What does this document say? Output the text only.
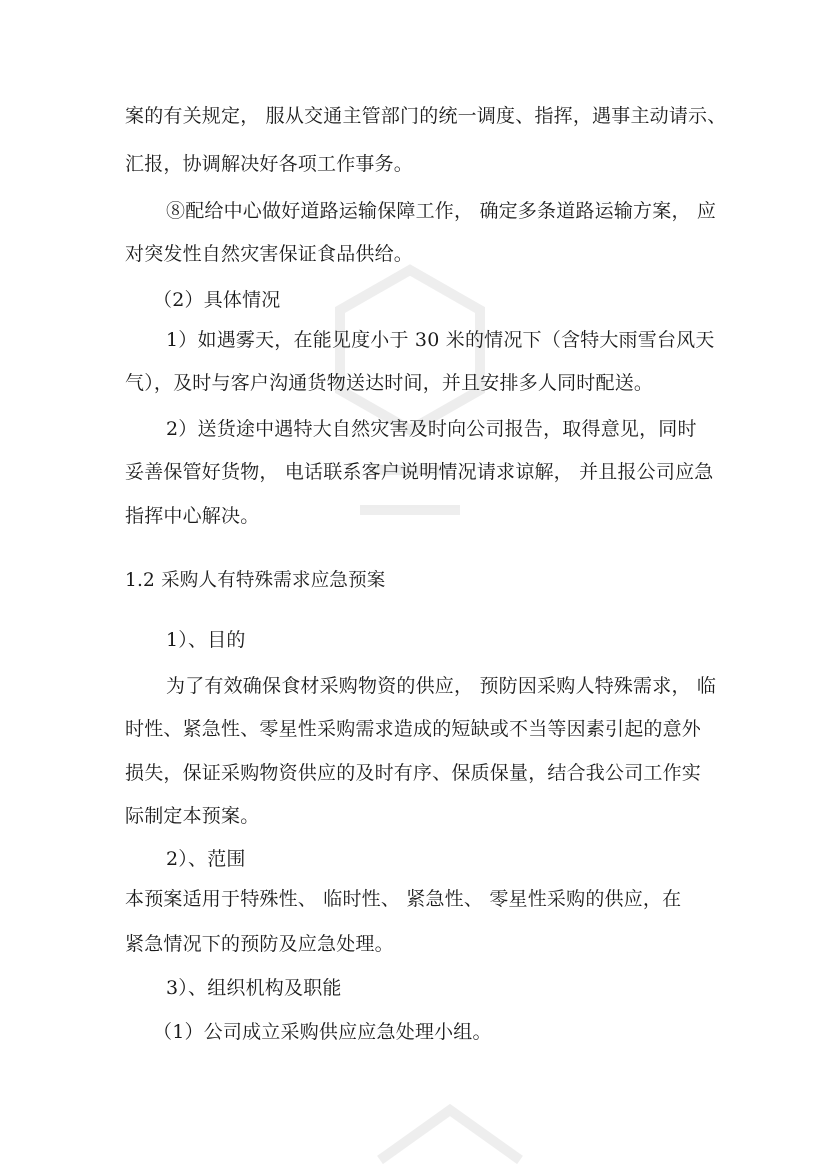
案的有关规定， 服从交通主管部门的统一调度、指挥，遇事主动请示、
汇报，协调解决好各项工作事务。
⑧配给中心做好道路运输保障工作， 确定多条道路运输方案， 应
对突发性自然灾害保证食品供给。
（2）具体情况
1）如遇雾天，在能见度小于 30 米的情况下（含特大雨雪台风天
气），及时与客户沟通货物送达时间，并且安排多人同时配送。
2）送货途中遇特大自然灾害及时向公司报告，取得意见，同时
妥善保管好货物， 电话联系客户说明情况请求谅解， 并且报公司应急
指挥中心解决。
1.2 采购人有特殊需求应急预案
1）、目的
为了有效确保食材采购物资的供应， 预防因采购人特殊需求， 临
时性、紧急性、零星性采购需求造成的短缺或不当等因素引起的意外
损失，保证采购物资供应的及时有序、保质保量，结合我公司工作实
际制定本预案。
2）、范围
本预案适用于特殊性、 临时性、 紧急性、 零星性采购的供应，在
紧急情况下的预防及应急处理。
3）、组织机构及职能
（1）公司成立采购供应应急处理小组。
